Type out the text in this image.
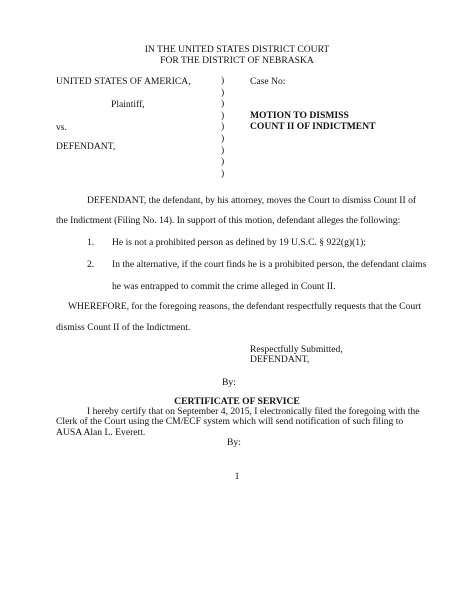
IN THE UNITED STATES DISTRICT COURT
FOR THE DISTRICT OF NEBRASKA
UNITED STATES OF AMERICA,
Plaintiff,
vs.
DEFENDANT,
)
)
)
)
)
)
)
)
)
Case No:
MOTION TO DISMISS
COUNT II OF INDICTMENT
DEFENDANT, the defendant, by his attorney, moves the Court to dismiss Count II of
the Indictment (Filing No. 14). In support of this motion, defendant alleges the following:
1. He is not a prohibited person as defined by 19 U.S.C. § 922(g)(1);
2. In the alternative, if the court finds he is a prohibited person, the defendant claims
he was entrapped to commit the crime alleged in Count II.
WHEREFORE, for the foregoing reasons, the defendant respectfully requests that the Court
dismiss Count II of the Indictment.
Respectfully Submitted,
DEFENDANT,
By:
CERTIFICATE OF SERVICE
I hereby certify that on September 4, 2015, I electronically filed the foregoing with the
Clerk of the Court using the CM/ECF system which will send notification of such filing to
AUSA Alan L. Everett.
By:
1
